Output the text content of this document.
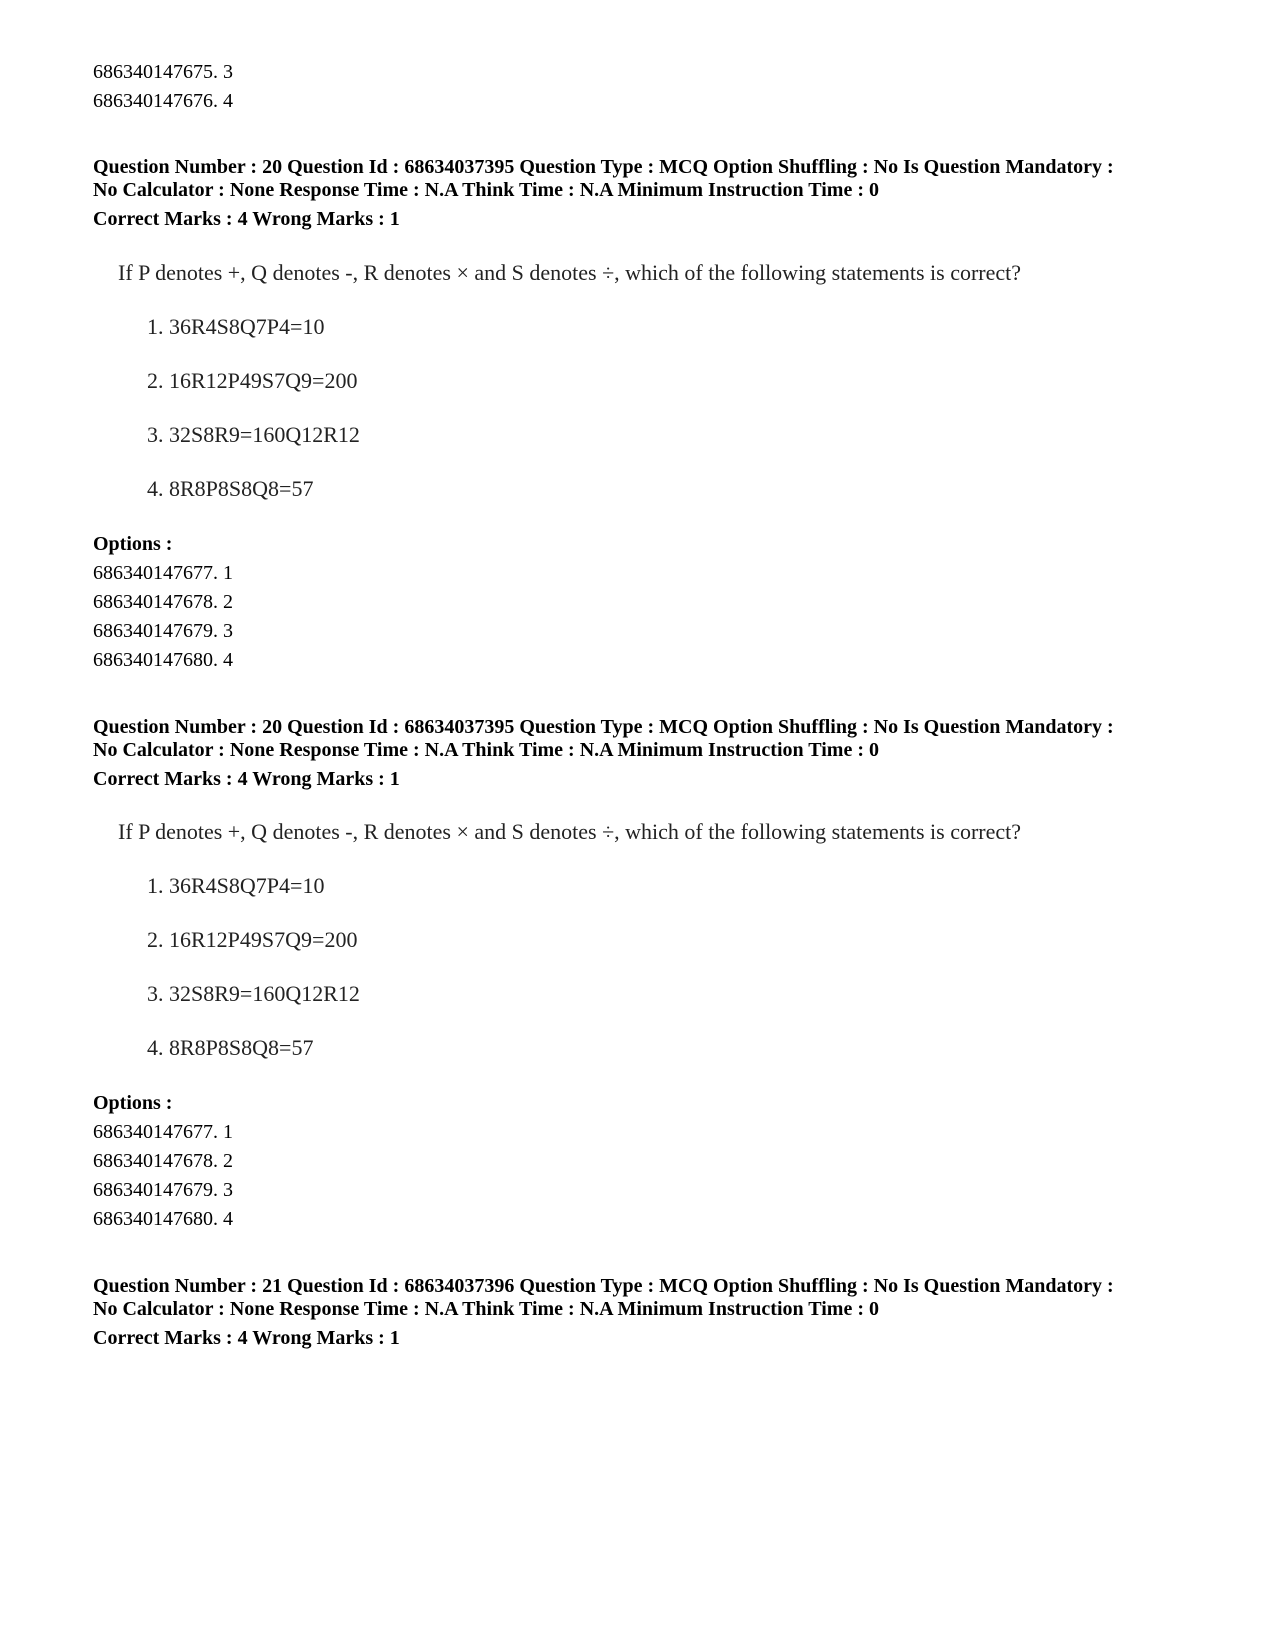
686340147675. 3
686340147676. 4
Question Number : 20 Question Id : 68634037395 Question Type : MCQ Option Shuffling : No Is Question Mandatory :
No Calculator : None Response Time : N.A Think Time : N.A Minimum Instruction Time : 0
Correct Marks : 4 Wrong Marks : 1
If P denotes +, Q denotes -, R denotes × and S denotes ÷, which of the following statements is correct?
1. 36R4S8Q7P4=10
2. 16R12P49S7Q9=200
3. 32S8R9=160Q12R12
4. 8R8P8S8Q8=57
Options :
686340147677. 1
686340147678. 2
686340147679. 3
686340147680. 4
Question Number : 20 Question Id : 68634037395 Question Type : MCQ Option Shuffling : No Is Question Mandatory :
No Calculator : None Response Time : N.A Think Time : N.A Minimum Instruction Time : 0
Correct Marks : 4 Wrong Marks : 1
If P denotes +, Q denotes -, R denotes × and S denotes ÷, which of the following statements is correct?
1. 36R4S8Q7P4=10
2. 16R12P49S7Q9=200
3. 32S8R9=160Q12R12
4. 8R8P8S8Q8=57
Options :
686340147677. 1
686340147678. 2
686340147679. 3
686340147680. 4
Question Number : 21 Question Id : 68634037396 Question Type : MCQ Option Shuffling : No Is Question Mandatory :
No Calculator : None Response Time : N.A Think Time : N.A Minimum Instruction Time : 0
Correct Marks : 4 Wrong Marks : 1
